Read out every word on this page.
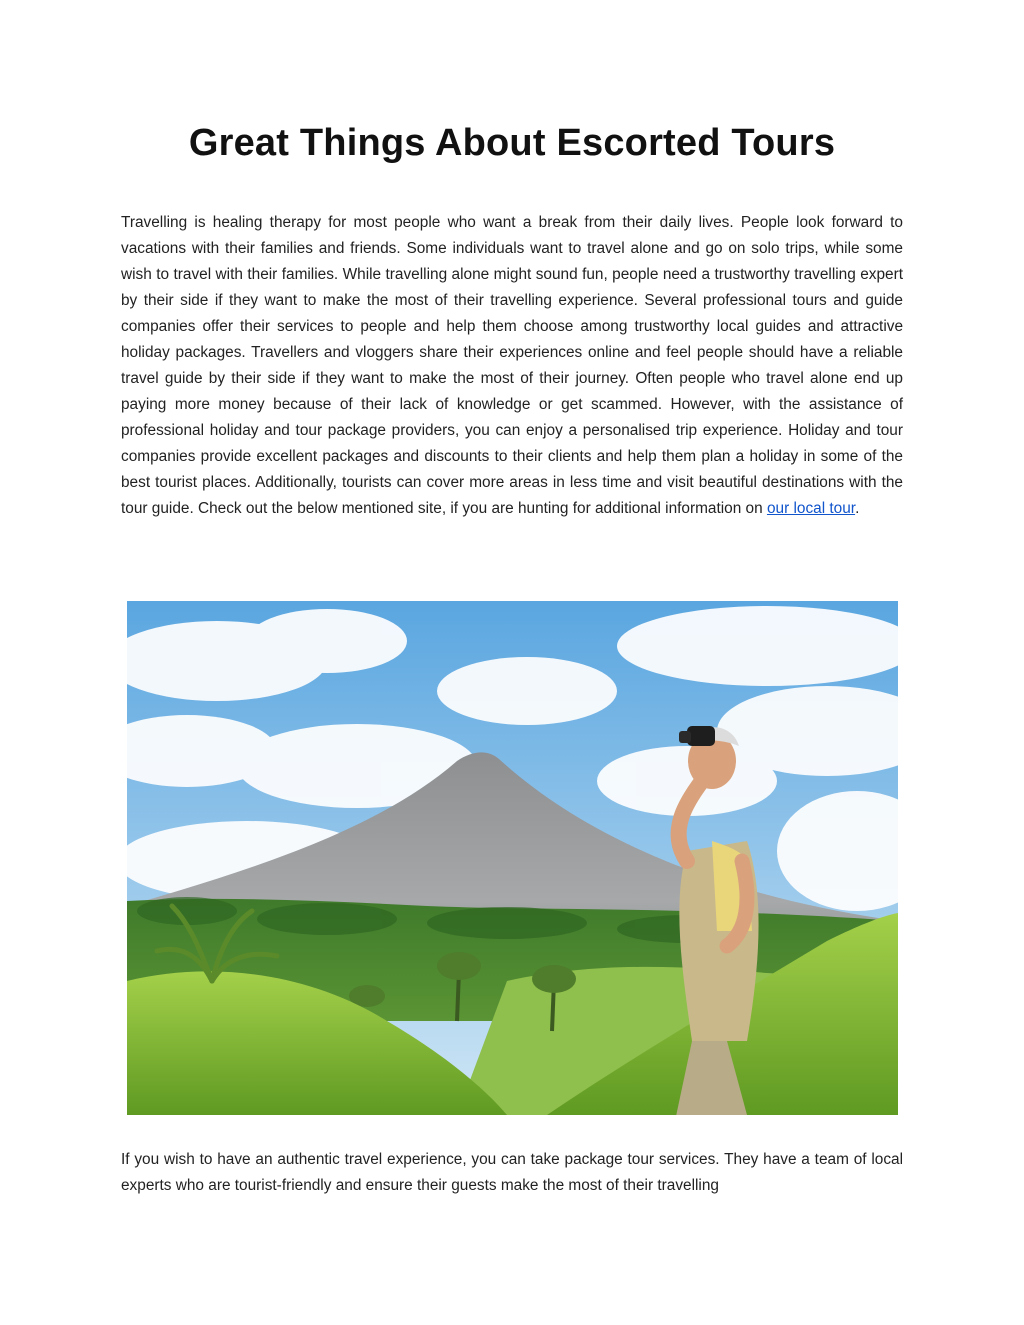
Great Things About Escorted Tours

Travelling is healing therapy for most people who want a break from their daily lives. People look forward to vacations with their families and friends. Some individuals want to travel alone and go on solo trips, while some wish to travel with their families. While travelling alone might sound fun, people need a trustworthy travelling expert by their side if they want to make the most of their travelling experience. Several professional tours and guide companies offer their services to people and help them choose among trustworthy local guides and attractive holiday packages. Travellers and vloggers share their experiences online and feel people should have a reliable travel guide by their side if they want to make the most of their journey. Often people who travel alone end up paying more money because of their lack of knowledge or get scammed. However, with the assistance of professional holiday and tour package providers, you can enjoy a personalised trip experience. Holiday and tour companies provide excellent packages and discounts to their clients and help them plan a holiday in some of the best tourist places. Additionally, tourists can cover more areas in less time and visit beautiful destinations with the tour guide. Check out the below mentioned site, if you are hunting for additional information on our local tour.

If you wish to have an authentic travel experience, you can take package tour services. They have a team of local experts who are tourist-friendly and ensure their guests make the most of their travelling
